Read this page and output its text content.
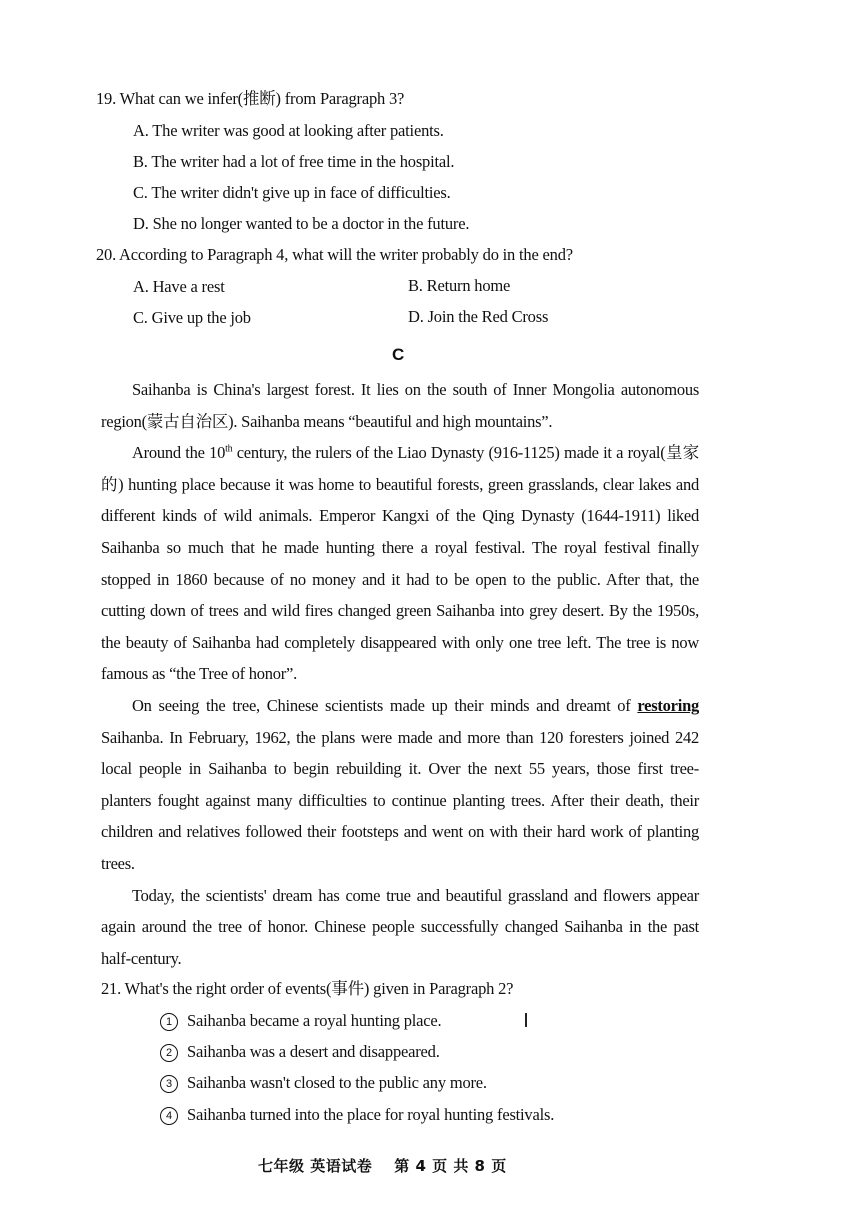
19. What can we infer(推断) from Paragraph 3?
A. The writer was good at looking after patients.
B. The writer had a lot of free time in the hospital.
C. The writer didn't give up in face of difficulties.
D. She no longer wanted to be a doctor in the future.
20. According to Paragraph 4, what will the writer probably do in the end?
A. Have a rest	B. Return home
C. Give up the job	D. Join the Red Cross
C

Saihanba is China's largest forest. It lies on the south of Inner Mongolia autonomous region(蒙古自治区). Saihanba means “beautiful and high mountains”.

Around the 10th century, the rulers of the Liao Dynasty (916-1125) made it a royal(皇家的) hunting place because it was home to beautiful forests, green grasslands, clear lakes and different kinds of wild animals. Emperor Kangxi of the Qing Dynasty (1644-1911) liked Saihanba so much that he made hunting there a royal festival. The royal festival finally stopped in 1860 because of no money and it had to be open to the public. After that, the cutting down of trees and wild fires changed green Saihanba into grey desert. By the 1950s, the beauty of Saihanba had completely disappeared with only one tree left. The tree is now famous as “the Tree of honor”.

On seeing the tree, Chinese scientists made up their minds and dreamt of restoring Saihanba. In February, 1962, the plans were made and more than 120 foresters joined 242 local people in Saihanba to begin rebuilding it. Over the next 55 years, those first tree-planters fought against many difficulties to continue planting trees. After their death, their children and relatives followed their footsteps and went on with their hard work of planting trees.

Today, the scientists' dream has come true and beautiful grassland and flowers appear again around the tree of honor. Chinese people successfully changed Saihanba in the past half-century.

21. What's the right order of events(事件) given in Paragraph 2?
1 Saihanba became a royal hunting place.
2 Saihanba was a desert and disappeared.
3 Saihanba wasn't closed to the public any more.
4 Saihanba turned into the place for royal hunting festivals.
七年级 英语试卷 第 4 页 共 8 页
